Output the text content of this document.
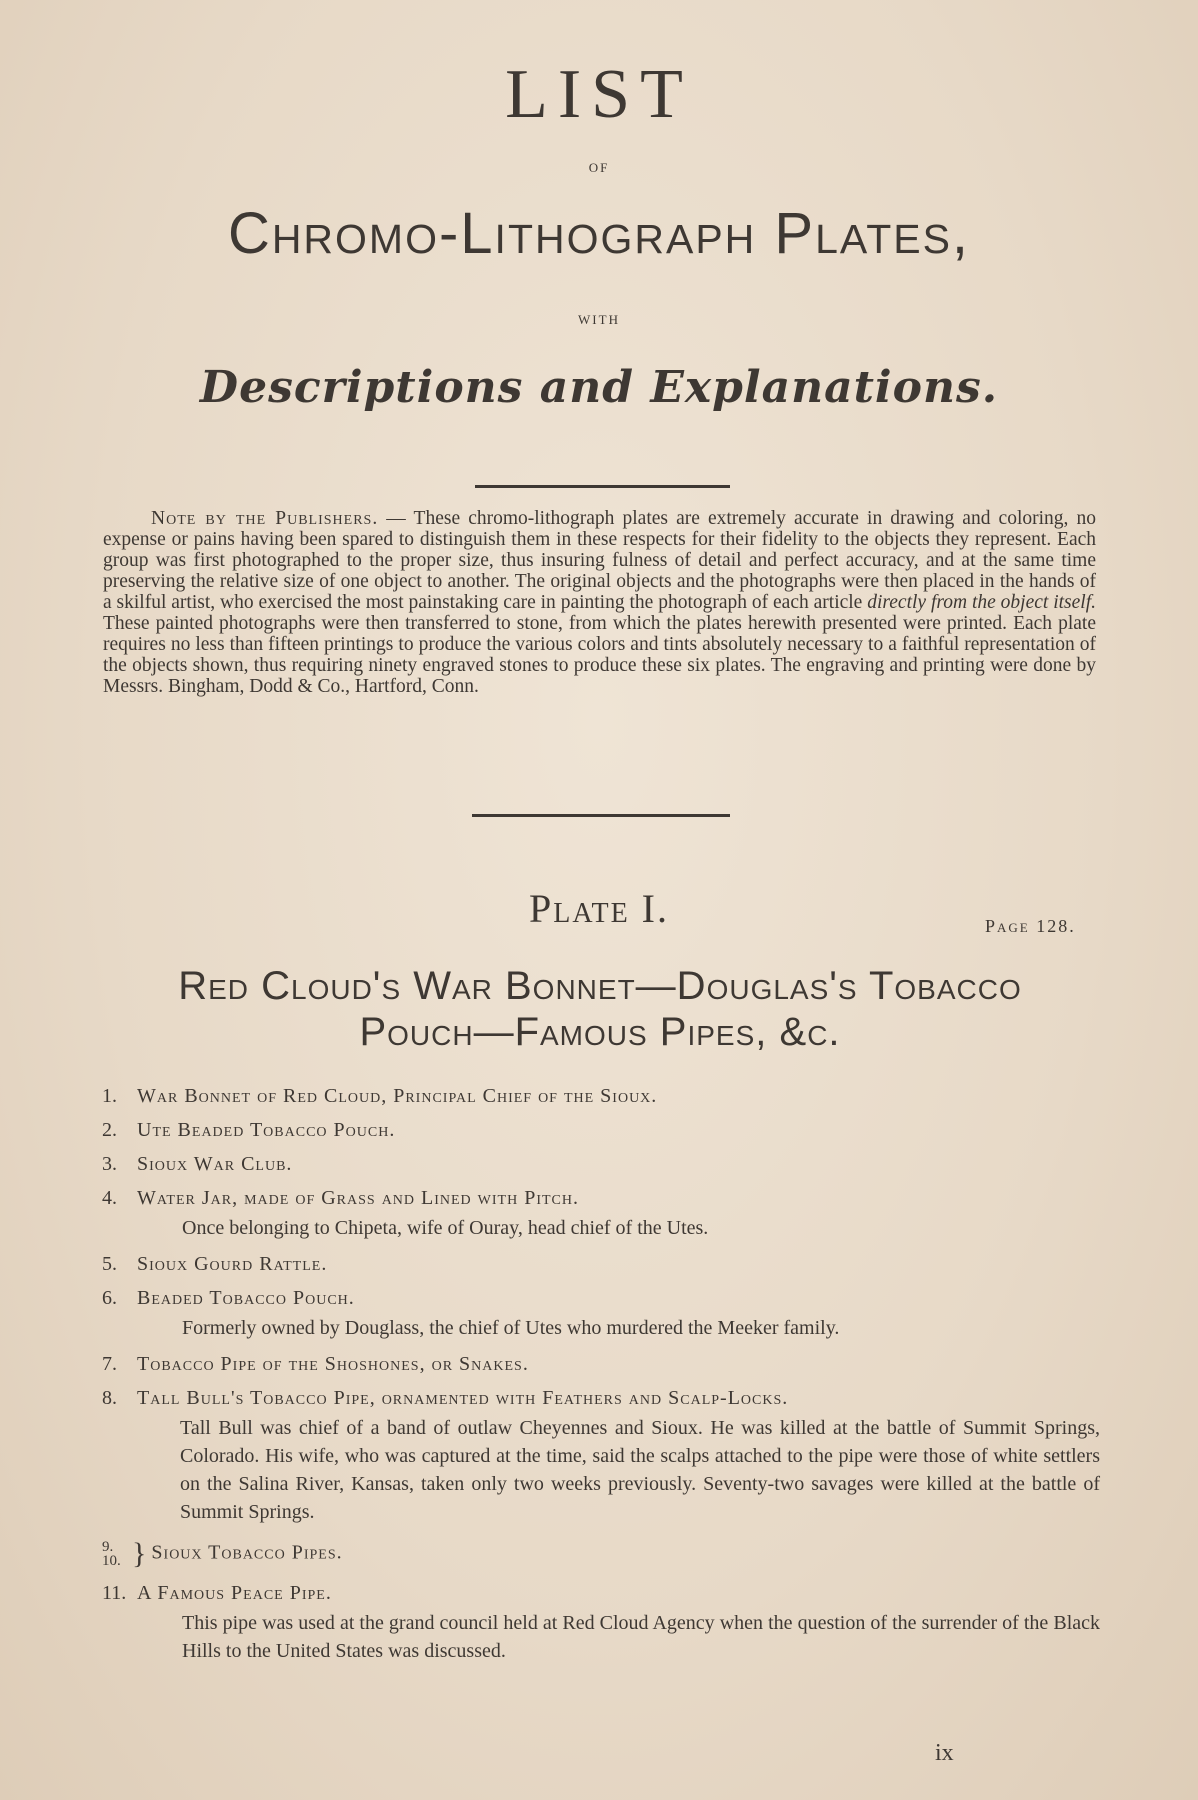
LIST
OF
Chromo-Lithograph Plates,
WITH
Descriptions and Explanations.
Note by the Publishers. — These chromo-lithograph plates are extremely accurate in drawing and coloring, no expense or pains having been spared to distinguish them in these respects for their fidelity to the objects they represent. Each group was first photographed to the proper size, thus insuring fulness of detail and perfect accuracy, and at the same time preserving the relative size of one object to another. The original objects and the photographs were then placed in the hands of a skilful artist, who exercised the most painstaking care in painting the photograph of each article directly from the object itself. These painted photographs were then transferred to stone, from which the plates herewith presented were printed. Each plate requires no less than fifteen printings to produce the various colors and tints absolutely necessary to a faithful representation of the objects shown, thus requiring ninety engraved stones to produce these six plates. The engraving and printing were done by Messrs. Bingham, Dodd & Co., Hartford, Conn.
Plate I.	Page 128.
Red Cloud's War Bonnet—Douglas's Tobacco
Pouch—Famous Pipes, &c.
1. War Bonnet of Red Cloud, Principal Chief of the Sioux.
2. Ute Beaded Tobacco Pouch.
3. Sioux War Club.
4. Water Jar, made of Grass and Lined with Pitch.
Once belonging to Chipeta, wife of Ouray, head chief of the Utes.
5. Sioux Gourd Rattle.
6. Beaded Tobacco Pouch.
Formerly owned by Douglass, the chief of Utes who murdered the Meeker family.
7. Tobacco Pipe of the Shoshones, or Snakes.
8. Tall Bull's Tobacco Pipe, ornamented with Feathers and Scalp-Locks.
Tall Bull was chief of a band of outlaw Cheyennes and Sioux. He was killed at the battle of Summit Springs, Colorado. His wife, who was captured at the time, said the scalps attached to the pipe were those of white settlers on the Salina River, Kansas, taken only two weeks previously. Seventy-two savages were killed at the battle of Summit Springs.
9.
10. } Sioux Tobacco Pipes.
11. A Famous Peace Pipe.
This pipe was used at the grand council held at Red Cloud Agency when the question of the surrender of the Black Hills to the United States was discussed.
ix
